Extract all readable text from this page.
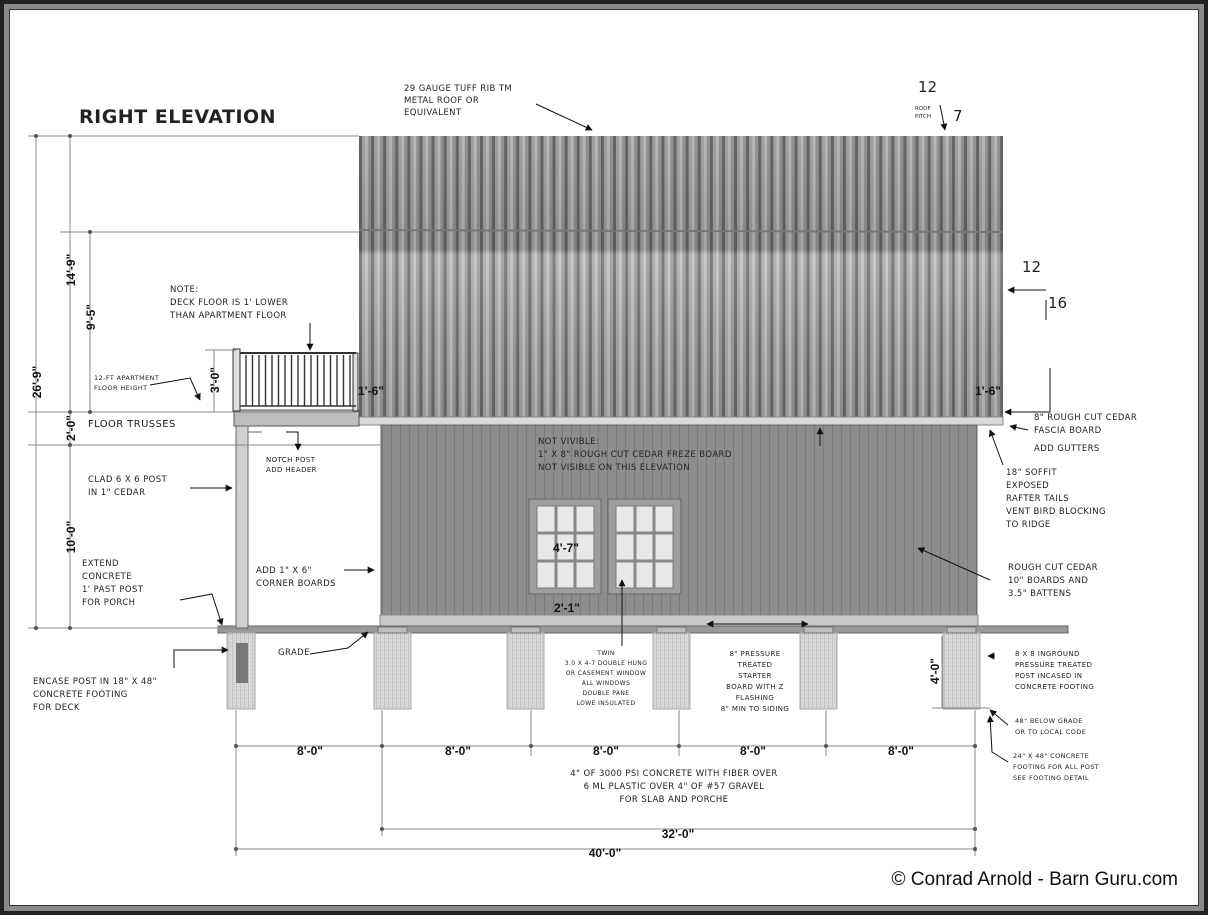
RIGHT ELEVATION
29 GAUGE TUFF RIB TM
METAL ROOF OR
EQUIVALENT
12
7
ROOF
PITCH
12
16
NOTE:
DECK FLOOR IS 1' LOWER
THAN APARTMENT FLOOR
12-FT APARTMENT
FLOOR HEIGHT
FLOOR TRUSSES
NOTCH POST
ADD HEADER
CLAD 6 X 6 POST
IN 1" CEDAR
EXTEND
CONCRETE
1' PAST POST
FOR PORCH
ADD 1" X 6"
CORNER BOARDS
GRADE
ENCASE POST IN 18" X 48"
CONCRETE FOOTING
FOR DECK
NOT VIVIBLE:
1" X 8" ROUGH CUT CEDAR FREZE BOARD
NOT VISIBLE ON THIS ELEVATION
8" ROUGH CUT CEDAR
FASCIA BOARD
ADD GUTTERS
18" SOFFIT
EXPOSED
RAFTER TAILS
VENT BIRD BLOCKING
TO RIDGE
ROUGH CUT CEDAR
10" BOARDS AND
3.5" BATTENS
TWIN
3.0 X 4-7 DOUBLE HUNG
OR CASEMENT WINDOW
ALL WINDOWS
DOUBLE PANE
LOWE INSULATED
8" PRESSURE
TREATED
STARTER
BOARD WITH Z
FLASHING
8" MIN TO SIDING
8 X 8 INGROUND
PRESSURE TREATED
POST INCASED IN
CONCRETE FOOTING
48" BELOW GRADE
OR TO LOCAL CODE
24" X 48" CONCRETE
FOOTING FOR ALL POST
SEE FOOTING DETAIL
4" OF 3000 PSI CONCRETE WITH FIBER OVER
6 ML PLASTIC OVER 4" OF #57 GRAVEL
FOR SLAB AND PORCHE
26'-9"
14'-9"
9'-5"
3'-0"
2'-0"
10'-0"
1'-6"	1'-6"
4'-7"
2'-1"
4'-0"
8'-0"	8'-0"	8'-0"	8'-0"	8'-0"
32'-0"
40'-0"
© Conrad Arnold - Barn Guru.com
